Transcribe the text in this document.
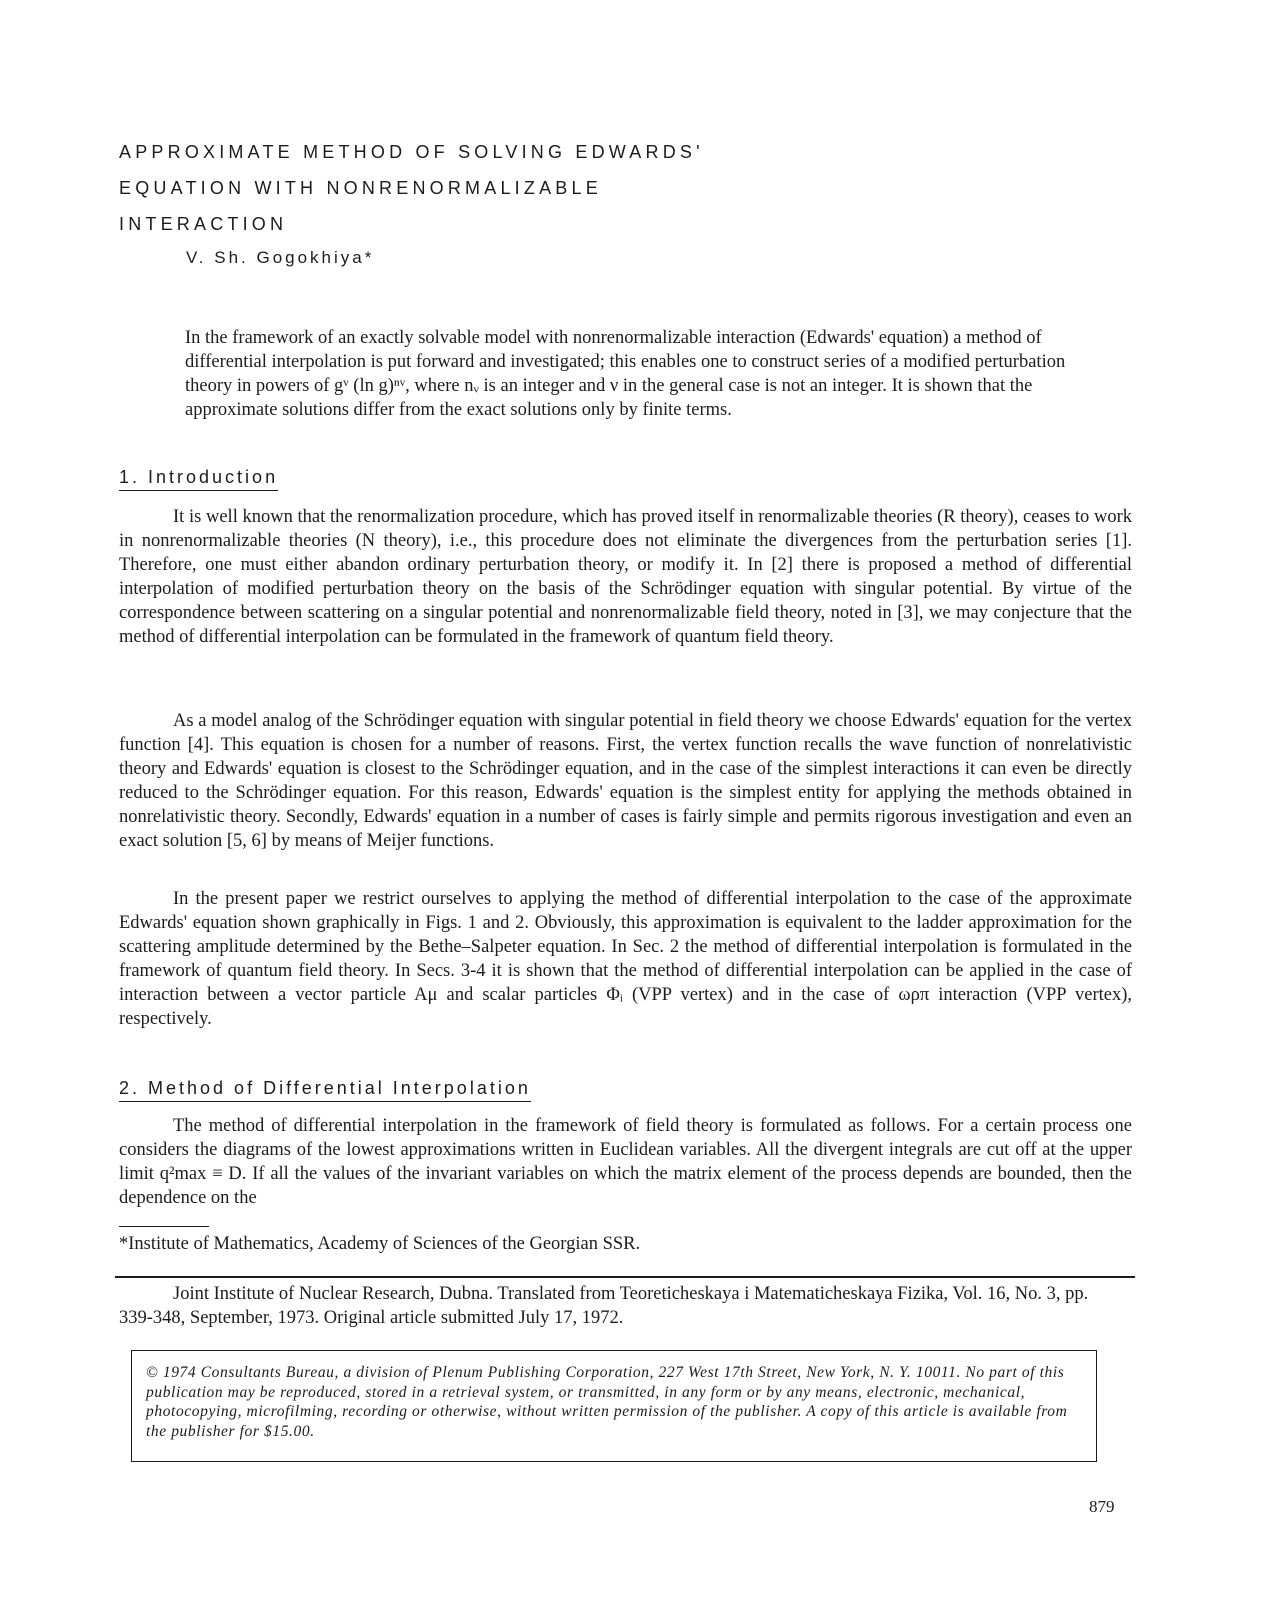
APPROXIMATE METHOD OF SOLVING EDWARDS'
EQUATION WITH NONRENORMALIZABLE
INTERACTION
V. Sh. Gogokhiya*

In the framework of an exactly solvable model with nonrenormalizable interaction (Edwards' equation) a method of differential interpolation is put forward and investigated; this enables one to construct series of a modified perturbation theory in powers of gᵛ (ln g)ⁿᵛ, where nᵥ is an integer and ν in the general case is not an integer. It is shown that the approximate solutions differ from the exact solutions only by finite terms.

1. Introduction

It is well known that the renormalization procedure, which has proved itself in renormalizable theories (R theory), ceases to work in nonrenormalizable theories (N theory), i.e., this procedure does not eliminate the divergences from the perturbation series [1]. Therefore, one must either abandon ordinary perturbation theory, or modify it. In [2] there is proposed a method of differential interpolation of modified perturbation theory on the basis of the Schrödinger equation with singular potential. By virtue of the correspondence between scattering on a singular potential and nonrenormalizable field theory, noted in [3], we may conjecture that the method of differential interpolation can be formulated in the framework of quantum field theory.

As a model analog of the Schrödinger equation with singular potential in field theory we choose Edwards' equation for the vertex function [4]. This equation is chosen for a number of reasons. First, the vertex function recalls the wave function of nonrelativistic theory and Edwards' equation is closest to the Schrödinger equation, and in the case of the simplest interactions it can even be directly reduced to the Schrödinger equation. For this reason, Edwards' equation is the simplest entity for applying the methods obtained in nonrelativistic theory. Secondly, Edwards' equation in a number of cases is fairly simple and permits rigorous investigation and even an exact solution [5, 6] by means of Meijer functions.

In the present paper we restrict ourselves to applying the method of differential interpolation to the case of the approximate Edwards' equation shown graphically in Figs. 1 and 2. Obviously, this approximation is equivalent to the ladder approximation for the scattering amplitude determined by the Bethe–Salpeter equation. In Sec. 2 the method of differential interpolation is formulated in the framework of quantum field theory. In Secs. 3-4 it is shown that the method of differential interpolation can be applied in the case of interaction between a vector particle Aμ and scalar particles Φᵢ (VPP vertex) and in the case of ωρπ interaction (VPP vertex), respectively.

2. Method of Differential Interpolation

The method of differential interpolation in the framework of field theory is formulated as follows. For a certain process one considers the diagrams of the lowest approximations written in Euclidean variables. All the divergent integrals are cut off at the upper limit q²max ≡ D. If all the values of the invariant variables on which the matrix element of the process depends are bounded, then the dependence on the

*Institute of Mathematics, Academy of Sciences of the Georgian SSR.

Joint Institute of Nuclear Research, Dubna. Translated from Teoreticheskaya i Matematicheskaya Fizika, Vol. 16, No. 3, pp. 339-348, September, 1973. Original article submitted July 17, 1972.

© 1974 Consultants Bureau, a division of Plenum Publishing Corporation, 227 West 17th Street, New York, N. Y. 10011. No part of this publication may be reproduced, stored in a retrieval system, or transmitted, in any form or by any means, electronic, mechanical, photocopying, microfilming, recording or otherwise, without written permission of the publisher. A copy of this article is available from the publisher for $15.00.

879
